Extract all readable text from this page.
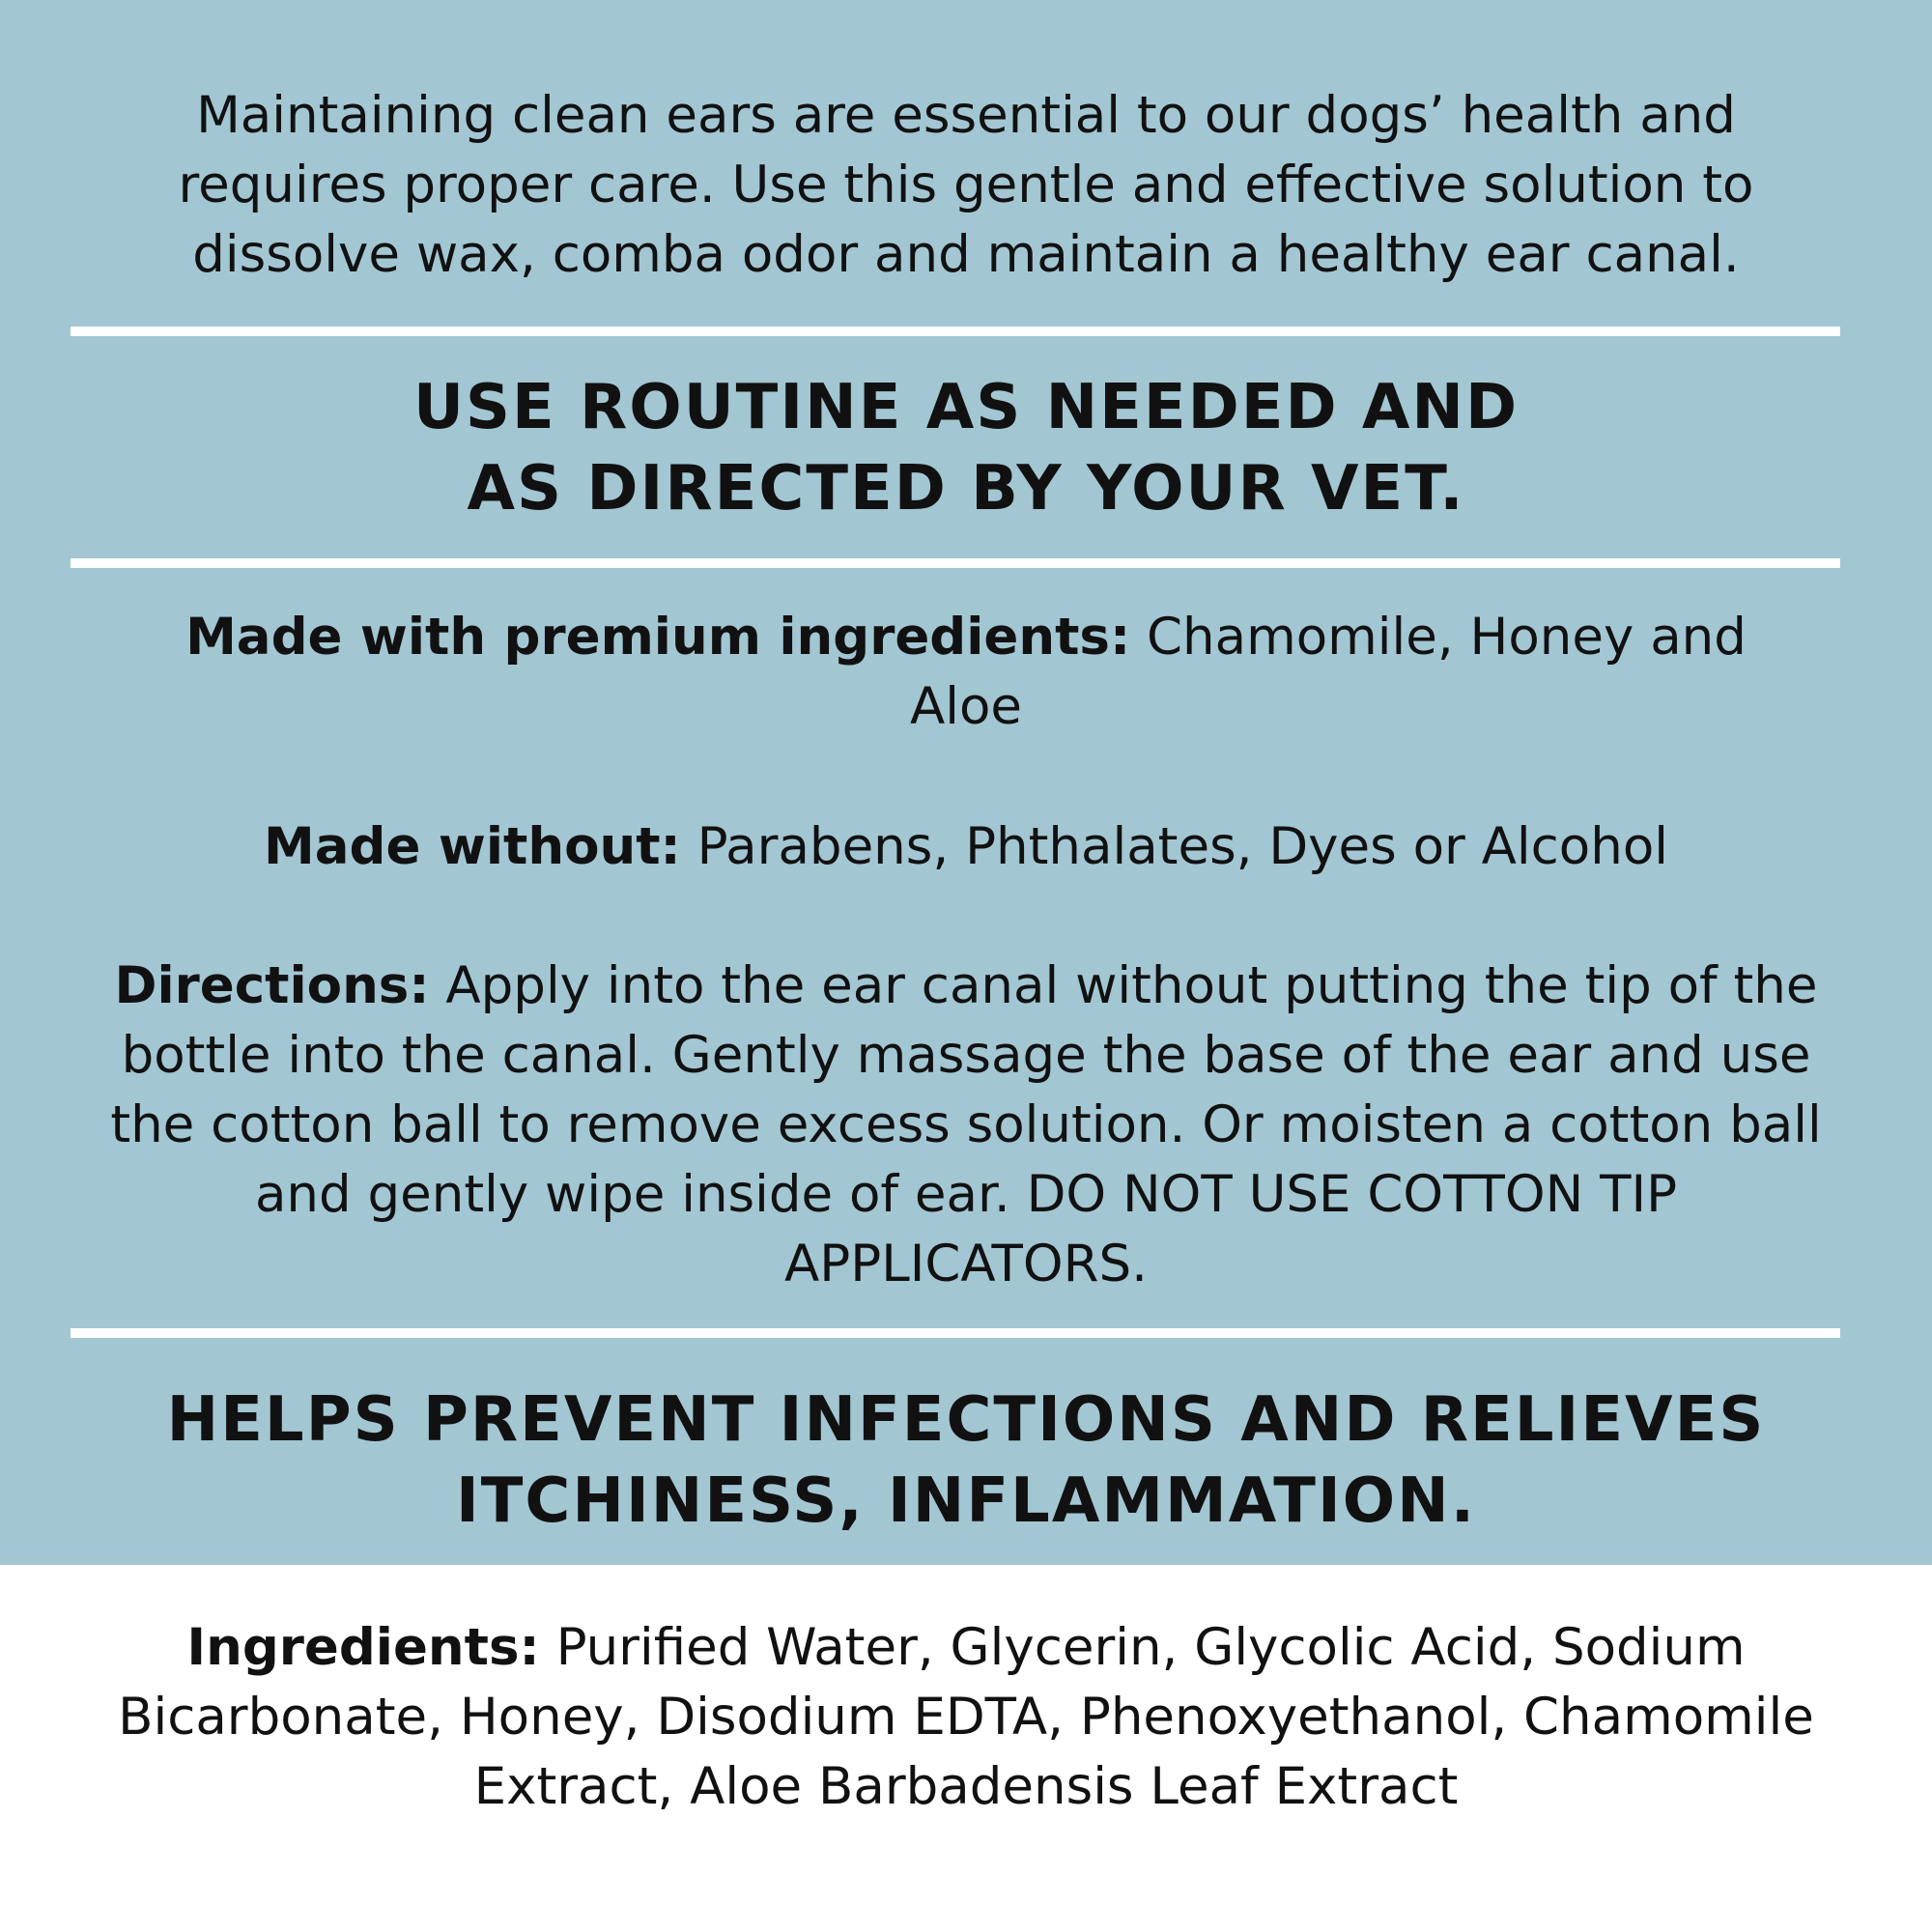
Maintaining clean ears are essential to our dogs’ health and requires proper care. Use this gentle and effective solution to dissolve wax, comba odor and maintain a healthy ear canal.
USE ROUTINE AS NEEDED AND
AS DIRECTED BY YOUR VET.
Made with premium ingredients: Chamomile, Honey and Aloe
Made without: Parabens, Phthalates, Dyes or Alcohol
Directions: Apply into the ear canal without putting the tip of the bottle into the canal. Gently massage the base of the ear and use the cotton ball to remove excess solution. Or moisten a cotton ball and gently wipe inside of ear. DO NOT USE COTTON TIP APPLICATORS.
HELPS PREVENT INFECTIONS AND RELIEVES
ITCHINESS, INFLAMMATION.
Ingredients: Purified Water, Glycerin, Glycolic Acid, Sodium Bicarbonate, Honey, Disodium EDTA, Phenoxyethanol, Chamomile Extract, Aloe Barbadensis Leaf Extract
